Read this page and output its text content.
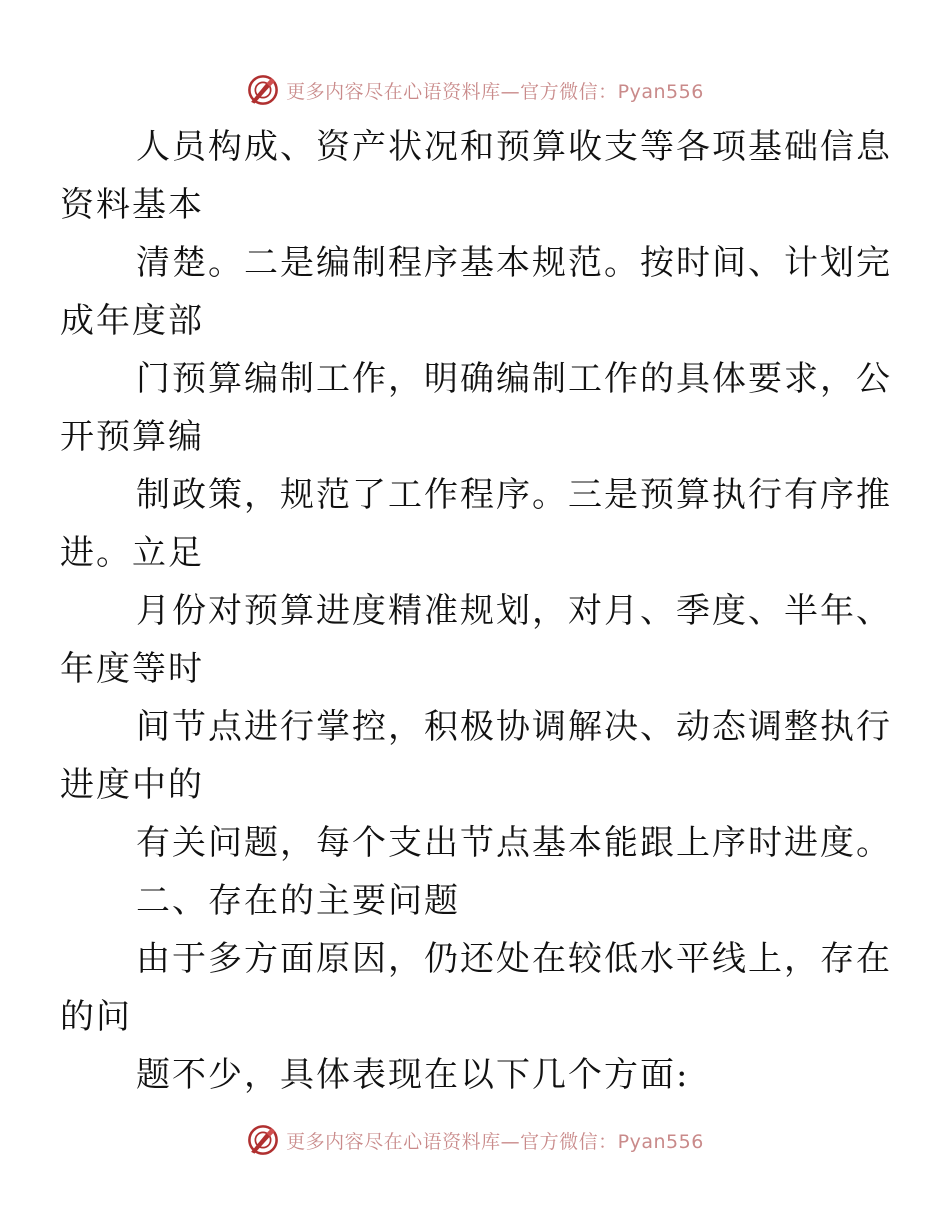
更多内容尽在心语资料库—官方微信：Pyan556

人员构成、资产状况和预算收支等各项基础信息
资料基本

清楚。二是编制程序基本规范。按时间、计划完
成年度部

门预算编制工作，明确编制工作的具体要求，公
开预算编

制政策，规范了工作程序。三是预算执行有序推
进。立足

月份对预算进度精准规划，对月、季度、半年、
年度等时

间节点进行掌控，积极协调解决、动态调整执行
进度中的

有关问题，每个支出节点基本能跟上序时进度。

二、存在的主要问题

由于多方面原因，仍还处在较低水平线上，存在
的问

题不少，具体表现在以下几个方面:

更多内容尽在心语资料库—官方微信：Pyan556
